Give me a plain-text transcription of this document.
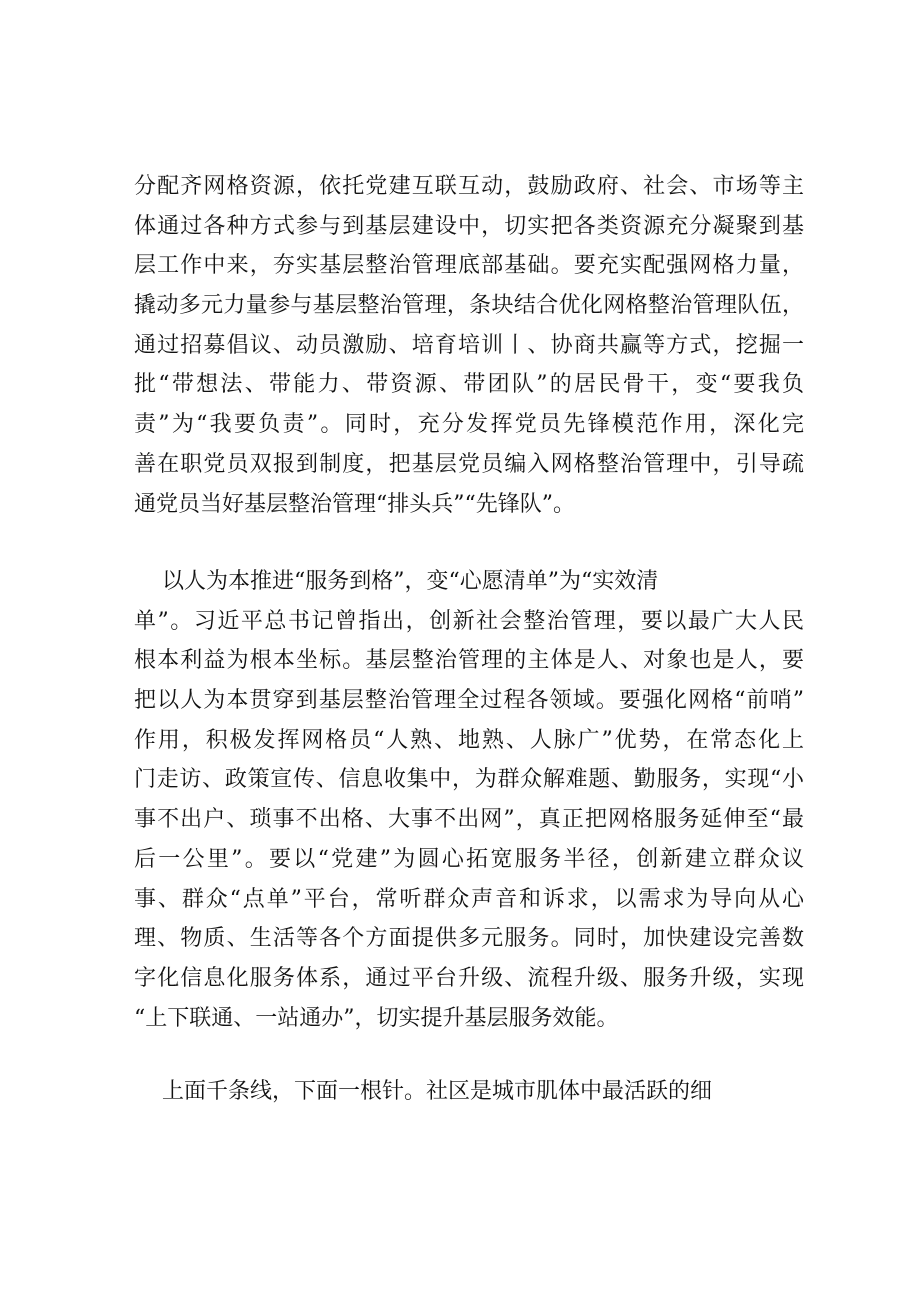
分配齐网格资源，依托党建互联互动，鼓励政府、社会、市场等主
体通过各种方式参与到基层建设中，切实把各类资源充分凝聚到基
层工作中来，夯实基层整治管理底部基础。要充实配强网格力量，
撬动多元力量参与基层整治管理，条块结合优化网格整治管理队伍，
通过招募倡议、动员激励、培育培训丨、协商共赢等方式，挖掘一
批“带想法、带能力、带资源、带团队”的居民骨干，变“要我负
责”为“我要负责”。同时，充分发挥党员先锋模范作用，深化完
善在职党员双报到制度，把基层党员编入网格整治管理中，引导疏
通党员当好基层整治管理“排头兵”“先锋队”。
以人为本推进“服务到格”，变“心愿清单”为“实效清
单”。习近平总书记曾指出，创新社会整治管理，要以最广大人民
根本利益为根本坐标。基层整治管理的主体是人、对象也是人，要
把以人为本贯穿到基层整治管理全过程各领域。要强化网格“前哨”
作用，积极发挥网格员“人熟、地熟、人脉广”优势，在常态化上
门走访、政策宣传、信息收集中，为群众解难题、勤服务，实现“小
事不出户、琐事不出格、大事不出网”，真正把网格服务延伸至“最
后一公里”。要以“党建”为圆心拓宽服务半径，创新建立群众议
事、群众“点单”平台，常听群众声音和诉求，以需求为导向从心
理、物质、生活等各个方面提供多元服务。同时，加快建设完善数
字化信息化服务体系，通过平台升级、流程升级、服务升级，实现
“上下联通、一站通办”，切实提升基层服务效能。
上面千条线，下面一根针。社区是城市肌体中最活跃的细
